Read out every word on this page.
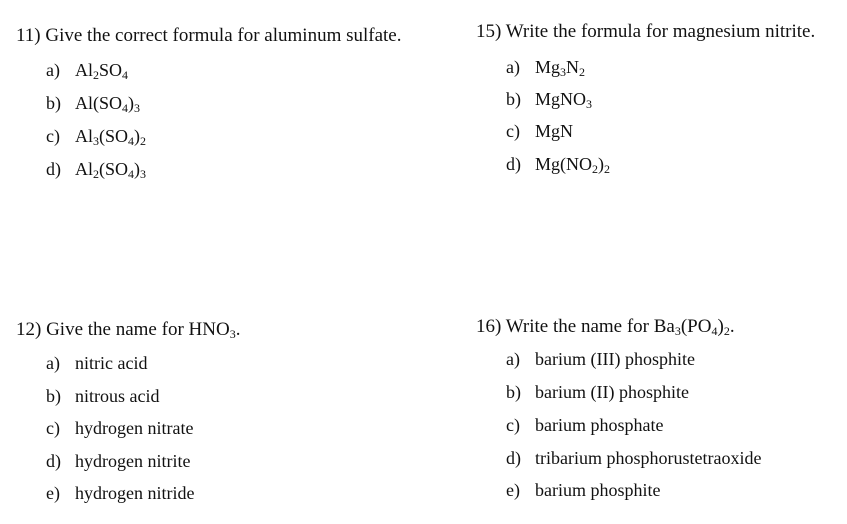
11) Give the correct formula for aluminum sulfate.
a) $Al_2SO_4$
b) $Al(SO_4)_3$
c) $Al_3(SO_4)_2$
d) $Al_2(SO_4)_3$
15) Write the formula for magnesium nitrite.
a) $Mg_3N_2$
b) MgNO$_3$
c) MgN
d) $Mg(NO_2)_2$
12) Give the name for $HNO_3$.
a) nitric acid
b) nitrous acid
c) hydrogen nitrate
d) hydrogen nitrite
e) hydrogen nitride
16) Write the name for $Ba_3(PO_4)_2$.
a) barium (III) phosphite
b) barium (II) phosphite
c) barium phosphate
d) tribarium phosphorustetraoxide
e) barium phosphite
